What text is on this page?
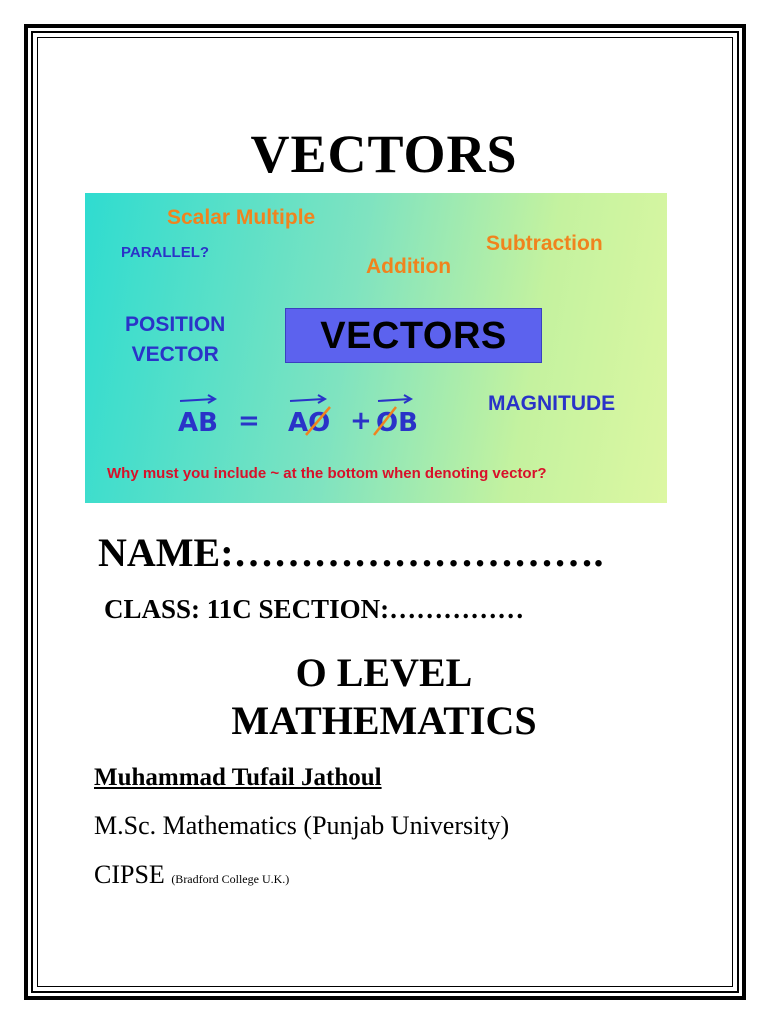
VECTORS
Scalar Multiple
PARALLEL?	Subtraction
Addition
POSITION
VECTOR	VECTORS
AB = AO + OB
MAGNITUDE
Why must you include ~ at the bottom when denoting vector?
NAME:……………………….
CLASS: 11C SECTION:……………
O LEVEL
MATHEMATICS
Muhammad Tufail Jathoul
M.Sc. Mathematics (Punjab University)
CIPSE (Bradford College U.K.)
